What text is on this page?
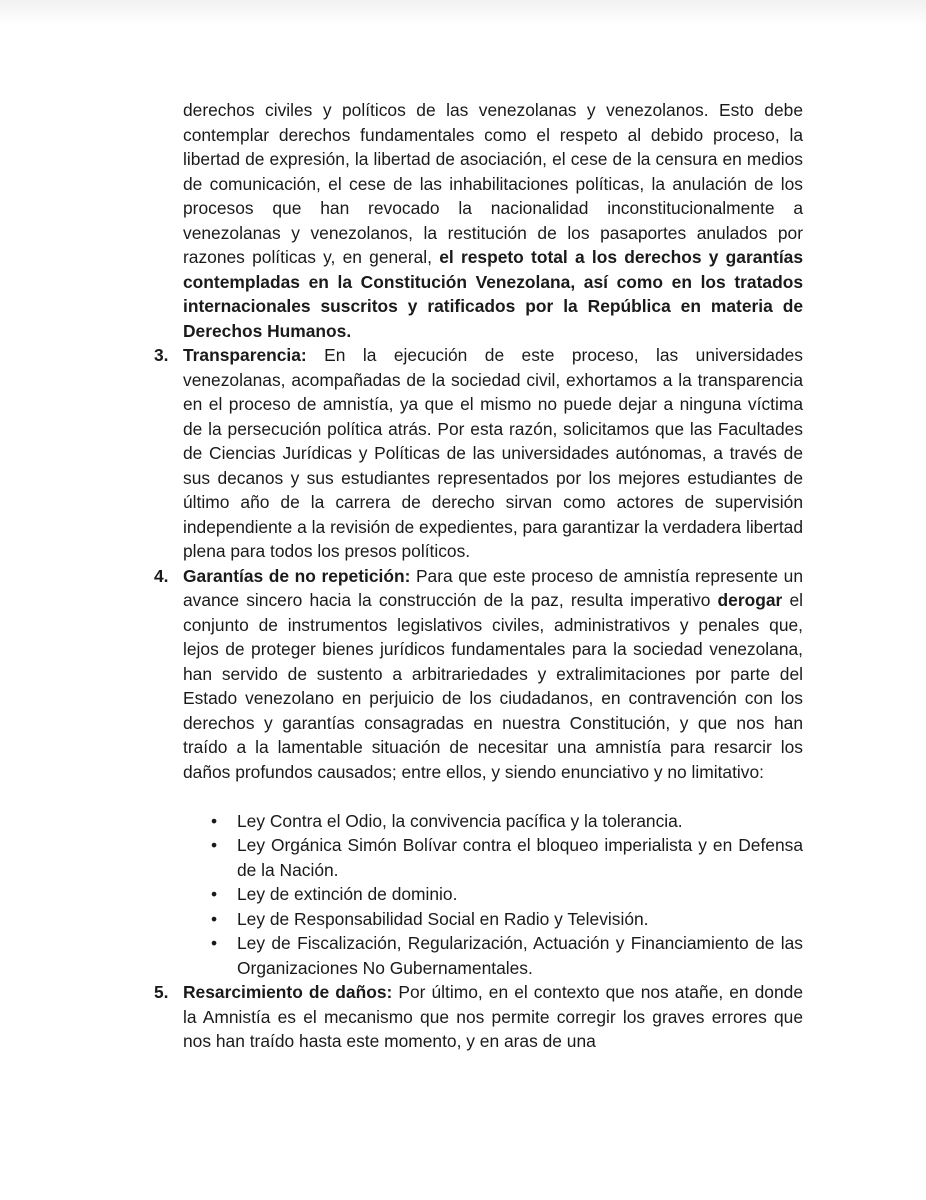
derechos civiles y políticos de las venezolanas y venezolanos. Esto debe contemplar derechos fundamentales como el respeto al debido proceso, la libertad de expresión, la libertad de asociación, el cese de la censura en medios de comunicación, el cese de las inhabilitaciones políticas, la anulación de los procesos que han revocado la nacionalidad inconstitucionalmente a venezolanas y venezolanos, la restitución de los pasaportes anulados por razones políticas y, en general, el respeto total a los derechos y garantías contempladas en la Constitución Venezolana, así como en los tratados internacionales suscritos y ratificados por la República en materia de Derechos Humanos.

3. Transparencia: En la ejecución de este proceso, las universidades venezolanas, acompañadas de la sociedad civil, exhortamos a la transparencia en el proceso de amnistía, ya que el mismo no puede dejar a ninguna víctima de la persecución política atrás. Por esta razón, solicitamos que las Facultades de Ciencias Jurídicas y Políticas de las universidades autónomas, a través de sus decanos y sus estudiantes representados por los mejores estudiantes de último año de la carrera de derecho sirvan como actores de supervisión independiente a la revisión de expedientes, para garantizar la verdadera libertad plena para todos los presos políticos.

4. Garantías de no repetición: Para que este proceso de amnistía represente un avance sincero hacia la construcción de la paz, resulta imperativo derogar el conjunto de instrumentos legislativos civiles, administrativos y penales que, lejos de proteger bienes jurídicos fundamentales para la sociedad venezolana, han servido de sustento a arbitrariedades y extralimitaciones por parte del Estado venezolano en perjuicio de los ciudadanos, en contravención con los derechos y garantías consagradas en nuestra Constitución, y que nos han traído a la lamentable situación de necesitar una amnistía para resarcir los daños profundos causados; entre ellos, y siendo enunciativo y no limitativo:

• Ley Contra el Odio, la convivencia pacífica y la tolerancia.
• Ley Orgánica Simón Bolívar contra el bloqueo imperialista y en Defensa de la Nación.
• Ley de extinción de dominio.
• Ley de Responsabilidad Social en Radio y Televisión.
• Ley de Fiscalización, Regularización, Actuación y Financiamiento de las Organizaciones No Gubernamentales.
5. Resarcimiento de daños: Por último, en el contexto que nos atañe, en donde la Amnistía es el mecanismo que nos permite corregir los graves errores que nos han traído hasta este momento, y en aras de una
